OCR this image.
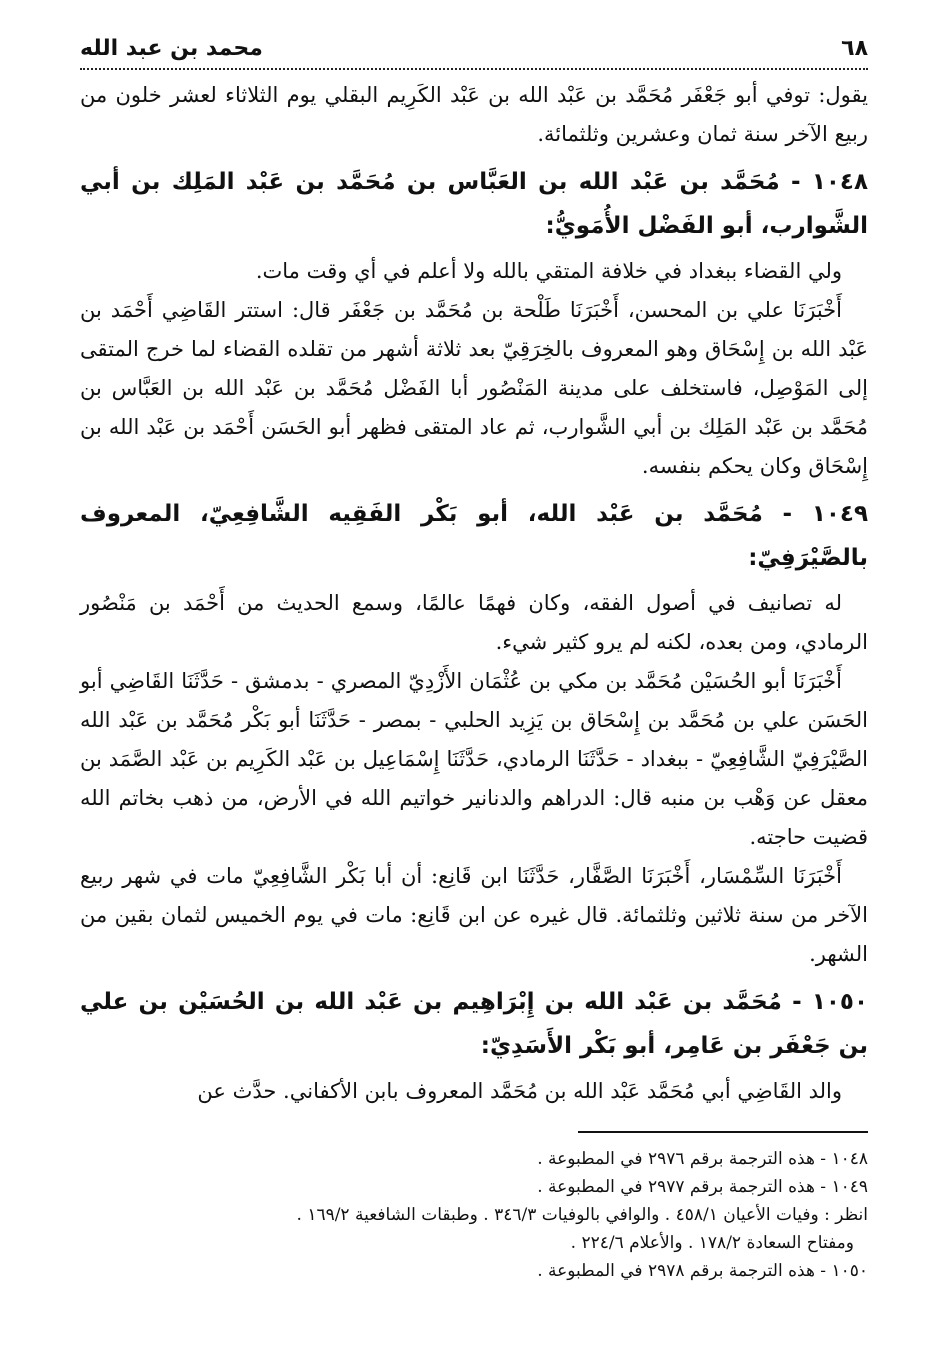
٦٨
محمد بن عبد الله

يقول: توفي أبو جَعْفَر مُحَمَّد بن عَبْد الله بن عَبْد الكَرِيم البقلي يوم الثلاثاء لعشر خلون من ربيع الآخر سنة ثمان وعشرين وثلثمائة.

١٠٤٨ - مُحَمَّد بن عَبْد الله بن العَبَّاس بن مُحَمَّد بن عَبْد المَلِك بن أبي الشَّوارب، أبو الفَضْل الأُمَويُّ:

ولي القضاء ببغداد في خلافة المتقي بالله ولا أعلم في أي وقت مات.

أَخْبَرَنَا علي بن المحسن، أَخْبَرَنَا طَلْحة بن مُحَمَّد بن جَعْفَر قال: استتر القَاضِي أَحْمَد بن عَبْد الله بن إِسْحَاق وهو المعروف بالخِرَقِيّ بعد ثلاثة أشهر من تقلده القضاء لما خرج المتقى إلى المَوْصِل، فاستخلف على مدينة المَنْصُور أبا الفَضْل مُحَمَّد بن عَبْد الله بن العَبَّاس بن مُحَمَّد بن عَبْد المَلِك بن أبي الشَّوارب، ثم عاد المتقى فظهر أبو الحَسَن أَحْمَد بن عَبْد الله بن إِسْحَاق وكان يحكم بنفسه.

١٠٤٩ - مُحَمَّد بن عَبْد الله، أبو بَكْر الفَقِيه الشَّافِعِيّ، المعروف بالصَّيْرَفِيّ:

له تصانيف في أصول الفقه، وكان فهمًا عالمًا، وسمع الحديث من أَحْمَد بن مَنْصُور الرمادي، ومن بعده، لكنه لم يرو كثير شيء.

أَخْبَرَنَا أبو الحُسَيْن مُحَمَّد بن مكي بن عُثْمَان الأَزْدِيّ المصري - بدمشق - حَدَّثَنَا القَاضِي أبو الحَسَن علي بن مُحَمَّد بن إِسْحَاق بن يَزِيد الحلبي - بمصر - حَدَّثَنَا أبو بَكْر مُحَمَّد بن عَبْد الله الصَّيْرَفِيّ الشَّافِعِيّ - ببغداد - حَدَّثَنَا الرمادي، حَدَّثَنَا إِسْمَاعِيل بن عَبْد الكَرِيم بن عَبْد الصَّمَد بن معقل عن وَهْب بن منبه قال: الدراهم والدنانير خواتيم الله في الأرض، من ذهب بخاتم الله قضيت حاجته.

أَخْبَرَنَا السِّمْسَار، أَخْبَرَنَا الصَّفَّار، حَدَّثَنَا ابن قَانِع: أن أبا بَكْر الشَّافِعِيّ مات في شهر ربيع الآخر من سنة ثلاثين وثلثمائة. قال غيره عن ابن قَانِع: مات في يوم الخميس لثمان بقين من الشهر.

١٠٥٠ - مُحَمَّد بن عَبْد الله بن إِبْرَاهِيم بن عَبْد الله بن الحُسَيْن بن علي بن جَعْفَر بن عَامِر، أبو بَكْر الأَسَدِيّ:

والد القَاضِي أبي مُحَمَّد عَبْد الله بن مُحَمَّد المعروف بابن الأكفاني. حدَّث عن

١٠٤٨ - هذه الترجمة برقم ٢٩٧٦ في المطبوعة .
١٠٤٩ - هذه الترجمة برقم ٢٩٧٧ في المطبوعة .
انظر : وفيات الأعيان ٤٥٨/١ . والوافي بالوفيات ٣٤٦/٣ . وطبقات الشافعية ١٦٩/٢ .
ومفتاح السعادة ١٧٨/٢ . والأعلام ٢٢٤/٦ .
١٠٥٠ - هذه الترجمة برقم ٢٩٧٨ في المطبوعة .
